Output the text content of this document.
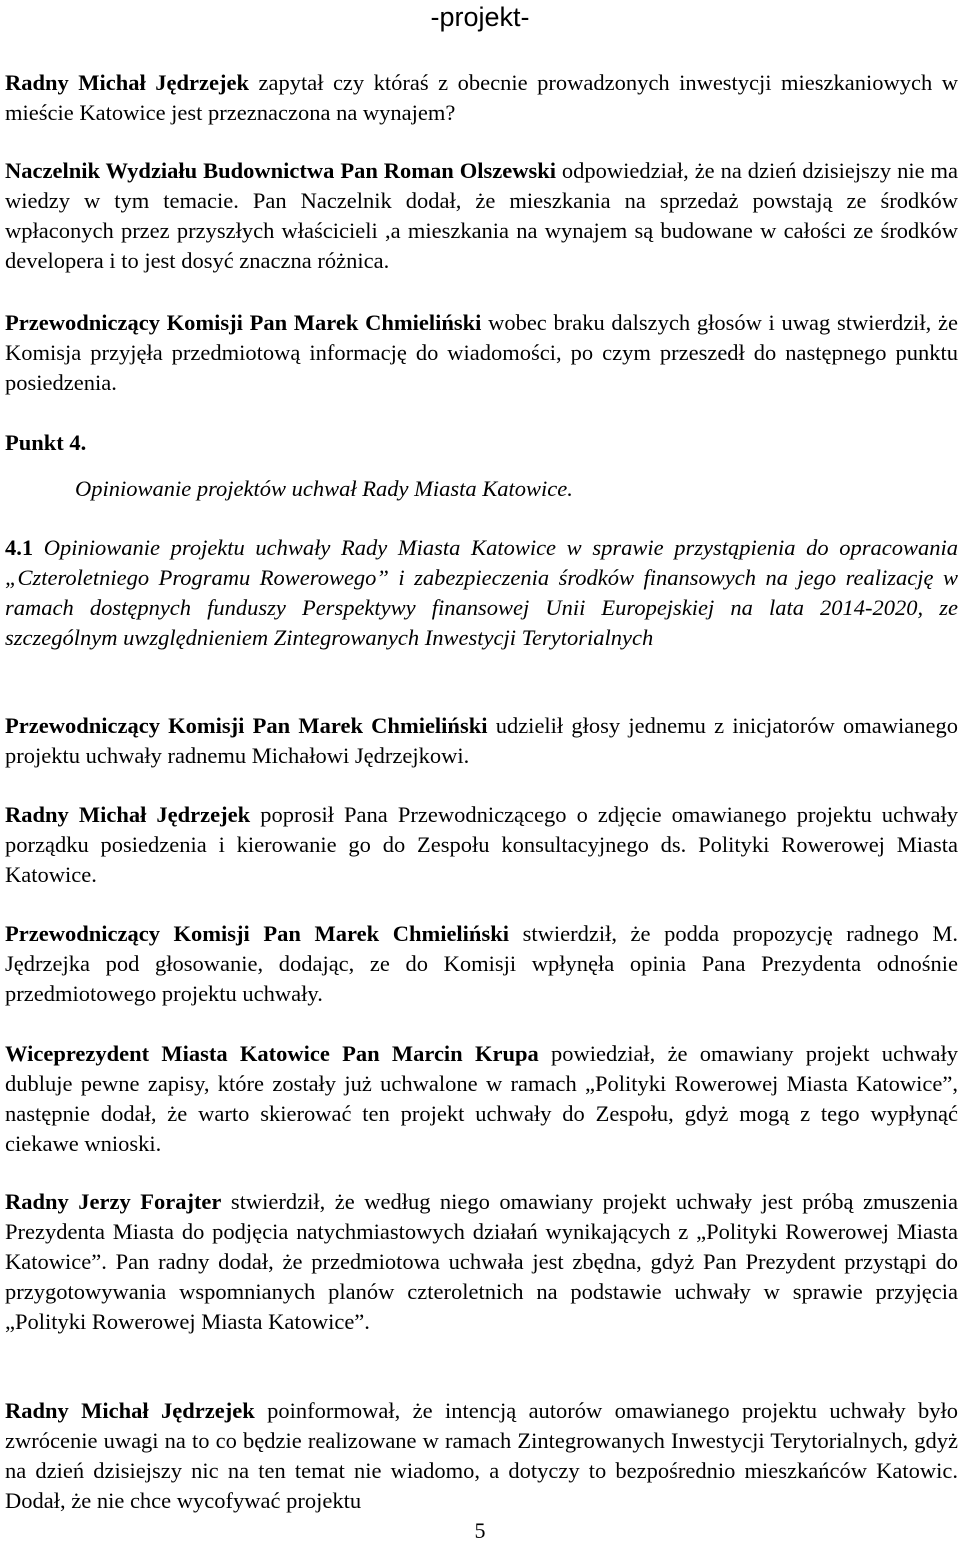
-projekt-

Radny Michał Jędrzejek zapytał czy któraś z obecnie prowadzonych inwestycji mieszkaniowych w mieście Katowice jest przeznaczona na wynajem?

Naczelnik Wydziału Budownictwa Pan Roman Olszewski odpowiedział, że na dzień dzisiejszy nie ma wiedzy w tym temacie. Pan Naczelnik dodał, że mieszkania na sprzedaż powstają ze środków wpłaconych przez przyszłych właścicieli ,a mieszkania na wynajem są budowane w całości ze środków developera i to jest dosyć znaczna różnica.

Przewodniczący Komisji Pan Marek Chmieliński wobec braku dalszych głosów i uwag stwierdził, że Komisja przyjęła przedmiotową informację do wiadomości, po czym przeszedł do następnego punktu posiedzenia.

Punkt 4.
Opiniowanie projektów uchwał Rady Miasta Katowice.

4.1 Opiniowanie projektu uchwały Rady Miasta Katowice w sprawie przystąpienia do opracowania „Czteroletniego Programu Rowerowego” i zabezpieczenia środków finansowych na jego realizację w ramach dostępnych funduszy Perspektywy finansowej Unii Europejskiej na lata 2014-2020, ze szczególnym uwzględnieniem Zintegrowanych Inwestycji Terytorialnych

Przewodniczący Komisji Pan Marek Chmieliński udzielił głosy jednemu z inicjatorów omawianego projektu uchwały radnemu Michałowi Jędrzejkowi.

Radny Michał Jędrzejek poprosił Pana Przewodniczącego o zdjęcie omawianego projektu uchwały porządku posiedzenia i kierowanie go do Zespołu konsultacyjnego ds. Polityki Rowerowej Miasta Katowice.

Przewodniczący Komisji Pan Marek Chmieliński stwierdził, że podda propozycję radnego M. Jędrzejka pod głosowanie, dodając, ze do Komisji wpłynęła opinia Pana Prezydenta odnośnie przedmiotowego projektu uchwały.

Wiceprezydent Miasta Katowice Pan Marcin Krupa powiedział, że omawiany projekt uchwały dubluje pewne zapisy, które zostały już uchwalone w ramach „Polityki Rowerowej Miasta Katowice”, następnie dodał, że warto skierować ten projekt uchwały do Zespołu, gdyż mogą z tego wypłynąć ciekawe wnioski.

Radny Jerzy Forajter stwierdził, że według niego omawiany projekt uchwały jest próbą zmuszenia Prezydenta Miasta do podjęcia natychmiastowych działań wynikających z „Polityki Rowerowej Miasta Katowice”. Pan radny dodał, że przedmiotowa uchwała jest zbędna, gdyż Pan Prezydent przystąpi do przygotowywania wspomnianych planów czteroletnich na podstawie uchwały w sprawie przyjęcia „Polityki Rowerowej Miasta Katowice”.

Radny Michał Jędrzejek poinformował, że intencją autorów omawianego projektu uchwały było zwrócenie uwagi na to co będzie realizowane w ramach Zintegrowanych Inwestycji Terytorialnych, gdyż na dzień dzisiejszy nic na ten temat nie wiadomo, a dotyczy to bezpośrednio mieszkańców Katowic. Dodał, że nie chce wycofywać projektu

5
